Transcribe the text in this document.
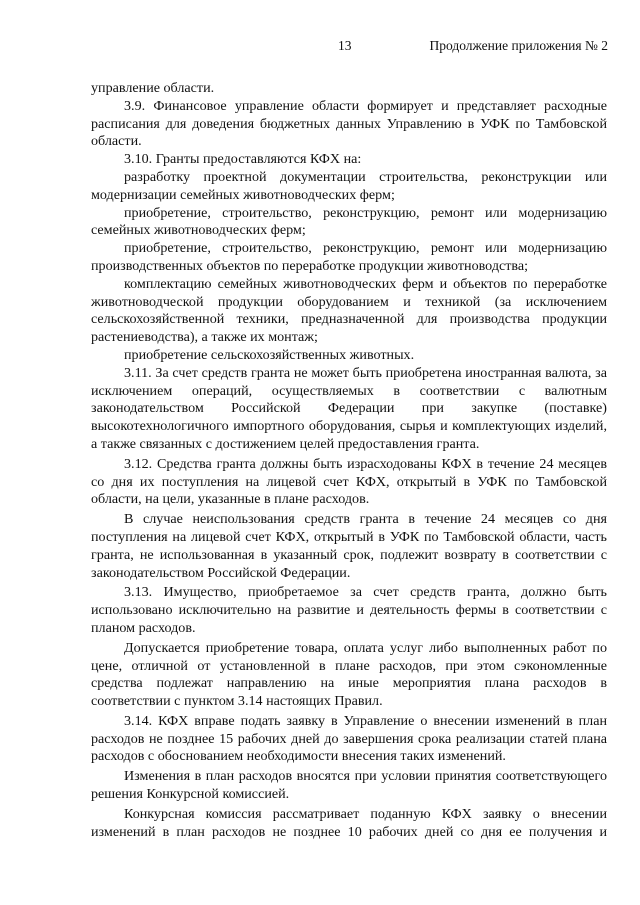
13	Продолжение приложения № 2

управление области.

3.9. Финансовое управление области формирует и представляет расходные расписания для доведения бюджетных данных Управлению в УФК по Тамбовской области.

3.10. Гранты предоставляются КФХ на:

разработку проектной документации строительства, реконструкции или модернизации семейных животноводческих ферм;

приобретение, строительство, реконструкцию, ремонт или модернизацию семейных животноводческих ферм;

приобретение, строительство, реконструкцию, ремонт или модернизацию производственных объектов по переработке продукции животноводства;

комплектацию семейных животноводческих ферм и объектов по переработке животноводческой продукции оборудованием и техникой (за исключением сельскохозяйственной техники, предназначенной для производства продукции растениеводства), а также их монтаж;

приобретение сельскохозяйственных животных.

3.11. За счет средств гранта не может быть приобретена иностранная валюта, за исключением операций, осуществляемых в соответствии с валютным законодательством Российской Федерации при закупке (поставке) высокотехнологичного импортного оборудования, сырья и комплектующих изделий, а также связанных с достижением целей предоставления гранта.

3.12. Средства гранта должны быть израсходованы КФХ в течение 24 месяцев со дня их поступления на лицевой счет КФХ, открытый в УФК по Тамбовской области, на цели, указанные в плане расходов.

В случае неиспользования средств гранта в течение 24 месяцев со дня поступления на лицевой счет КФХ, открытый в УФК по Тамбовской области, часть гранта, не использованная в указанный срок, подлежит возврату в соответствии с законодательством Российской Федерации.

3.13. Имущество, приобретаемое за счет средств гранта, должно быть использовано исключительно на развитие и деятельность фермы в соответствии с планом расходов.

Допускается приобретение товара, оплата услуг либо выполненных работ по цене, отличной от установленной в плане расходов, при этом сэкономленные средства подлежат направлению на иные мероприятия плана расходов в соответствии с пунктом 3.14 настоящих Правил.

3.14. КФХ вправе подать заявку в Управление о внесении изменений в план расходов не позднее 15 рабочих дней до завершения срока реализации статей плана расходов с обоснованием необходимости внесения таких изменений.

Изменения в план расходов вносятся при условии принятия соответствующего решения Конкурсной комиссией.

Конкурсная комиссия рассматривает поданную КФХ заявку о внесении изменений в план расходов не позднее 10 рабочих дней со дня ее получения и
